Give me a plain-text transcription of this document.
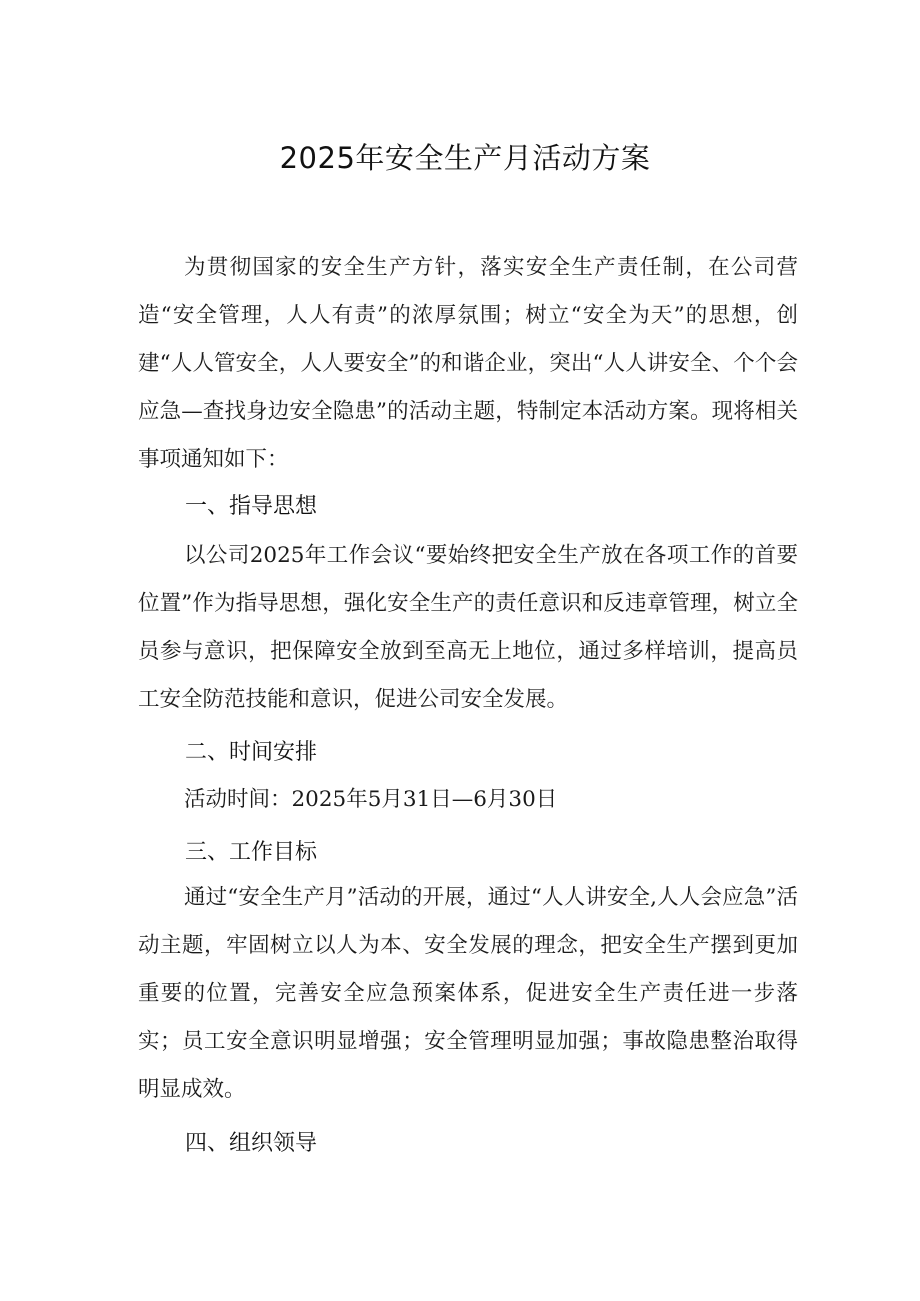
2025年安全生产月活动方案
为贯彻国家的安全生产方针，落实安全生产责任制，在公司营造“安全管理，人人有责”的浓厚氛围；树立“安全为天”的思想，创建“人人管安全，人人要安全”的和谐企业，突出“人人讲安全、个个会应急—查找身边安全隐患”的活动主题，特制定本活动方案。现将相关事项通知如下：
一、指导思想
以公司2025年工作会议“要始终把安全生产放在各项工作的首要位置”作为指导思想，强化安全生产的责任意识和反违章管理，树立全员参与意识，把保障安全放到至高无上地位，通过多样培训，提高员工安全防范技能和意识，促进公司安全发展。
二、时间安排
活动时间：2025年5月31日—6月30日
三、工作目标
通过“安全生产月”活动的开展，通过“人人讲安全,人人会应急”活动主题，牢固树立以人为本、安全发展的理念，把安全生产摆到更加重要的位置，完善安全应急预案体系，促进安全生产责任进一步落实；员工安全意识明显增强；安全管理明显加强；事故隐患整治取得明显成效。
四、组织领导
